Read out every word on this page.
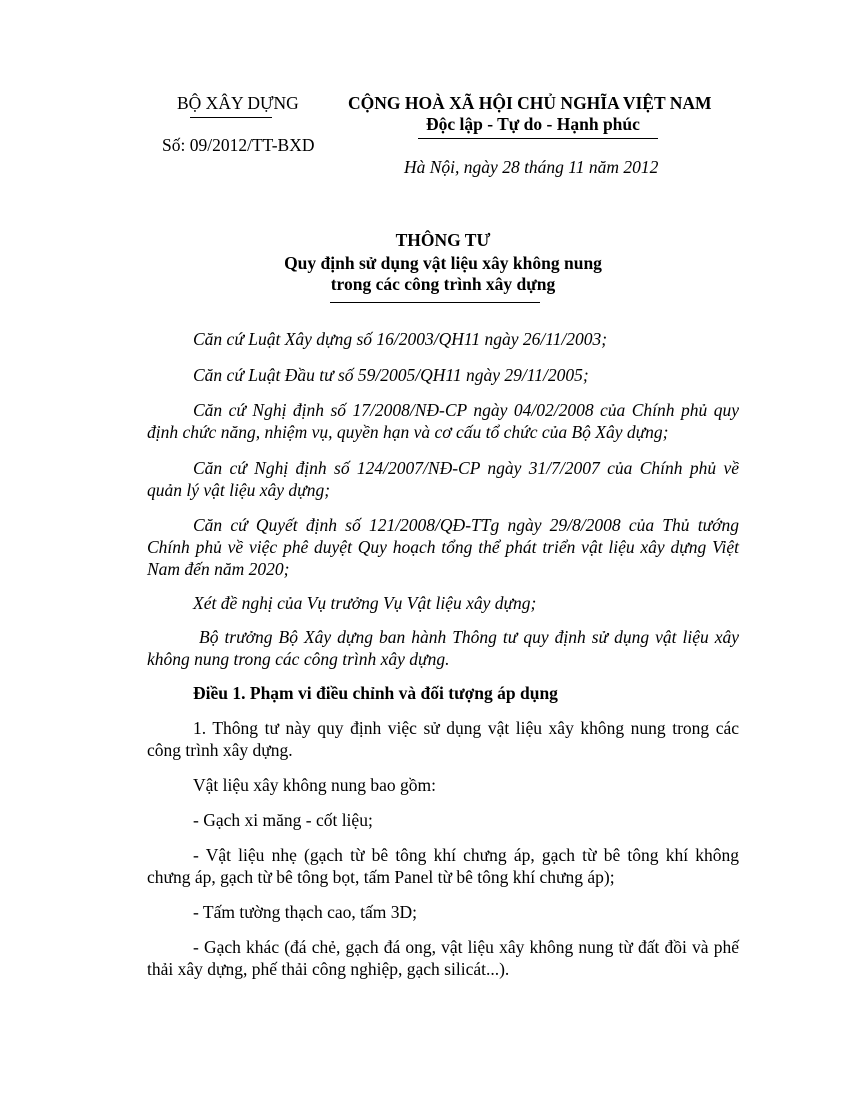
BỘ XÂY DỰNG
Số: 09/2012/TT-BXD
CỘNG HOÀ XÃ HỘI CHỦ NGHĨA VIỆT NAM
Độc lập - Tự do - Hạnh phúc
Hà Nội, ngày 28 tháng 11 năm 2012
THÔNG TƯ
Quy định sử dụng vật liệu xây không nung
trong các công trình xây dựng
Căn cứ Luật Xây dựng số 16/2003/QH11 ngày 26/11/2003;
Căn cứ Luật Đầu tư số 59/2005/QH11 ngày 29/11/2005;
Căn cứ Nghị định số 17/2008/NĐ-CP ngày 04/02/2008 của Chính phủ quy định chức năng, nhiệm vụ, quyền hạn và cơ cấu tổ chức của Bộ Xây dựng;
Căn cứ Nghị định số 124/2007/NĐ-CP ngày 31/7/2007 của Chính phủ về quản lý vật liệu xây dựng;
Căn cứ Quyết định số 121/2008/QĐ-TTg ngày 29/8/2008 của Thủ tướng Chính phủ về việc phê duyệt Quy hoạch tổng thể phát triển vật liệu xây dựng Việt Nam đến năm 2020;
Xét đề nghị của Vụ trưởng Vụ Vật liệu xây dựng;
Bộ trưởng Bộ Xây dựng ban hành Thông tư quy định sử dụng vật liệu xây không nung trong các công trình xây dựng.
Điều 1. Phạm vi điều chỉnh và đối tượng áp dụng
1. Thông tư này quy định việc sử dụng vật liệu xây không nung trong các công trình xây dựng.
Vật liệu xây không nung bao gồm:
- Gạch xi măng - cốt liệu;
- Vật liệu nhẹ (gạch từ bê tông khí chưng áp, gạch từ bê tông khí không chưng áp, gạch từ bê tông bọt, tấm Panel từ bê tông khí chưng áp);
- Tấm tường thạch cao, tấm 3D;
- Gạch khác (đá chẻ, gạch đá ong, vật liệu xây không nung từ đất đồi và phế thải xây dựng, phế thải công nghiệp, gạch silicát...).
